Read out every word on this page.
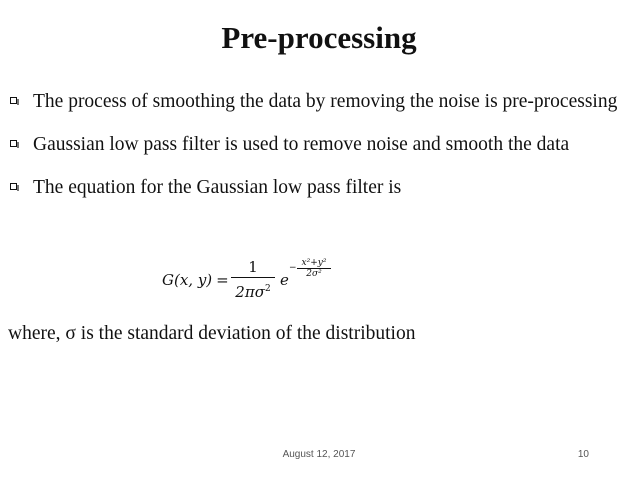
Pre-processing
The process of smoothing the data by removing the noise is pre-processing
Gaussian low pass filter is used to remove noise and smooth the data
The equation for the Gaussian low pass filter is
G(x, y) =
1
$2\pi\sigma^2$ e
− x²+y²
2σ²
where, σ is the standard deviation of the distribution
August 12, 2017	10
